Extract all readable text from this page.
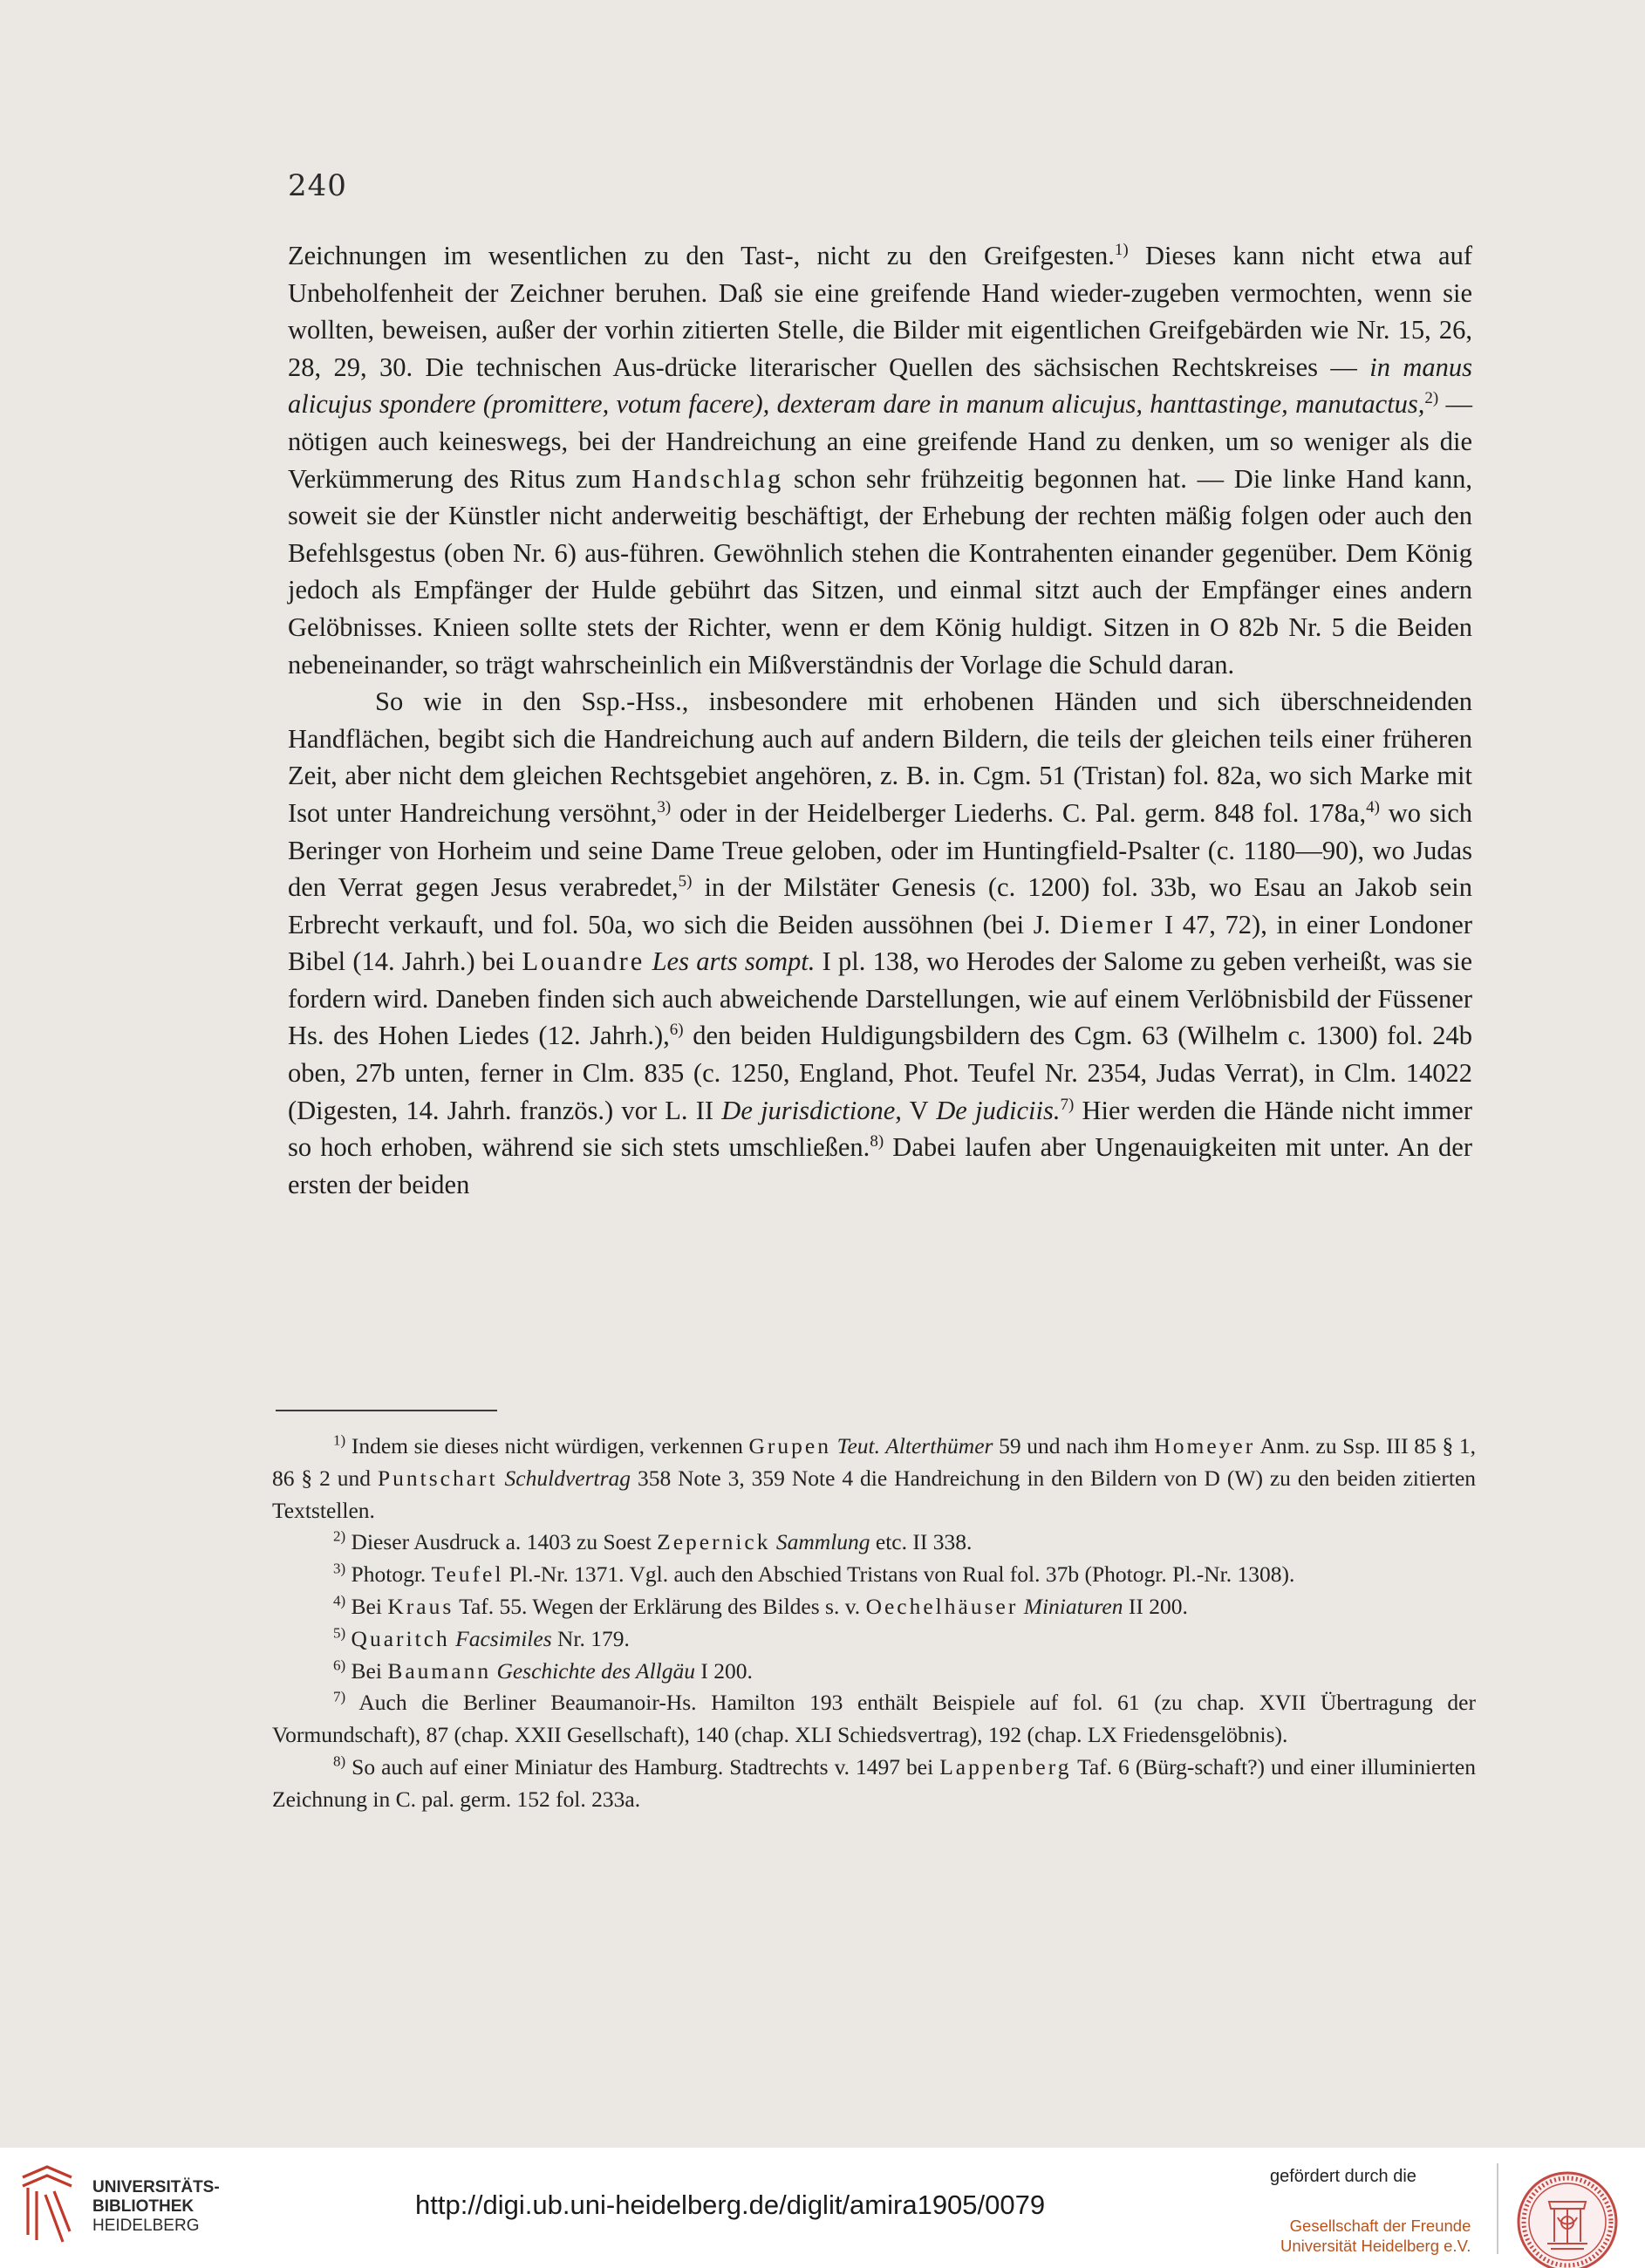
240

Zeichnungen im wesentlichen zu den Tast-, nicht zu den Greifgesten.$^{1)}$ Dieses kann nicht etwa auf Unbeholfenheit der Zeichner beruhen. Daß sie eine greifende Hand wieder-zugeben vermochten, wenn sie wollten, beweisen, außer der vorhin zitierten Stelle, die Bilder mit eigentlichen Greifgebärden wie Nr. 15, 26, 28, 29, 30. Die technischen Aus-drücke literarischer Quellen des sächsischen Rechtskreises — in manus alicujus spondere (promittere, votum facere), dexteram dare in manum alicujus, hanttastinge, manutactus,$^{2)}$ — nötigen auch keineswegs, bei der Handreichung an eine greifende Hand zu denken, um so weniger als die Verkümmerung des Ritus zum Handschlag schon sehr frühzeitig begonnen hat. — Die linke Hand kann, soweit sie der Künstler nicht anderweitig beschäftigt, der Erhebung der rechten mäßig folgen oder auch den Befehlsgestus (oben Nr. 6) aus-führen. Gewöhnlich stehen die Kontrahenten einander gegenüber. Dem König jedoch als Empfänger der Hulde gebührt das Sitzen, und einmal sitzt auch der Empfänger eines andern Gelöbnisses. Knieen sollte stets der Richter, wenn er dem König huldigt. Sitzen in O 82b Nr. 5 die Beiden nebeneinander, so trägt wahrscheinlich ein Mißverständnis der Vorlage die Schuld daran.

So wie in den Ssp.-Hss., insbesondere mit erhobenen Händen und sich überschneidenden Handflächen, begibt sich die Handreichung auch auf andern Bildern, die teils der gleichen teils einer früheren Zeit, aber nicht dem gleichen Rechtsgebiet angehören, z. B. in. Cgm. 51 (Tristan) fol. 82a, wo sich Marke mit Isot unter Handreichung versöhnt,$^{3)}$ oder in der Heidelberger Liederhs. C. Pal. germ. 848 fol. 178a,$^{4)}$ wo sich Beringer von Horheim und seine Dame Treue geloben, oder im Huntingfield-Psalter (c. 1180—90), wo Judas den Verrat gegen Jesus verabredet,$^{5)}$ in der Milstäter Genesis (c. 1200) fol. 33b, wo Esau an Jakob sein Erbrecht verkauft, und fol. 50a, wo sich die Beiden aussöhnen (bei J. Diemer I 47, 72), in einer Londoner Bibel (14. Jahrh.) bei Louandre Les arts sompt. I pl. 138, wo Herodes der Salome zu geben verheißt, was sie fordern wird. Daneben finden sich auch abweichende Darstellungen, wie auf einem Verlöbnisbild der Füssener Hs. des Hohen Liedes (12. Jahrh.),$^{6)}$ den beiden Huldigungsbildern des Cgm. 63 (Wilhelm c. 1300) fol. 24b oben, 27b unten, ferner in Clm. 835 (c. 1250, England, Phot. Teufel Nr. 2354, Judas Verrat), in Clm. 14022 (Digesten, 14. Jahrh. französ.) vor L. II De jurisdictione, V De judiciis.$^{7)}$ Hier werden die Hände nicht immer so hoch erhoben, während sie sich stets umschließen.$^{8)}$ Dabei laufen aber Ungenauigkeiten mit unter. An der ersten der beiden

$^{1)}$ Indem sie dieses nicht würdigen, verkennen Grupen Teut. Alterthümer 59 und nach ihm Homeyer Anm. zu Ssp. III 85 § 1, 86 § 2 und Puntschart Schuldvertrag 358 Note 3, 359 Note 4 die Handreichung in den Bildern von D (W) zu den beiden zitierten Textstellen.
$^{2)}$ Dieser Ausdruck a. 1403 zu Soest Zepernick Sammlung etc. II 338.
$^{3)}$ Photogr. Teufel Pl.-Nr. 1371. Vgl. auch den Abschied Tristans von Rual fol. 37b (Photogr. Pl.-Nr. 1308).
$^{4)}$ Bei Kraus Taf. 55. Wegen der Erklärung des Bildes s. v. Oechelhäuser Miniaturen II 200.
$^{5)}$ Quaritch Facsimiles Nr. 179.
$^{6)}$ Bei Baumann Geschichte des Allgäu I 200.
$^{7)}$ Auch die Berliner Beaumanoir-Hs. Hamilton 193 enthält Beispiele auf fol. 61 (zu chap. XVII Übertragung der Vormundschaft), 87 (chap. XXII Gesellschaft), 140 (chap. XLI Schiedsvertrag), 192 (chap. LX Friedensgelöbnis).
$^{8)}$ So auch auf einer Miniatur des Hamburg. Stadtrechts v. 1497 bei Lappenberg Taf. 6 (Bürg-schaft?) und einer illuminierten Zeichnung in C. pal. germ. 152 fol. 233a.
UNIVERSITÄTS-
BIBLIOTHEK
HEIDELBERG
http://digi.ub.uni-heidelberg.de/diglit/amira1905/0079
gefördert durch die
Gesellschaft der Freunde
Universität Heidelberg e.V.
